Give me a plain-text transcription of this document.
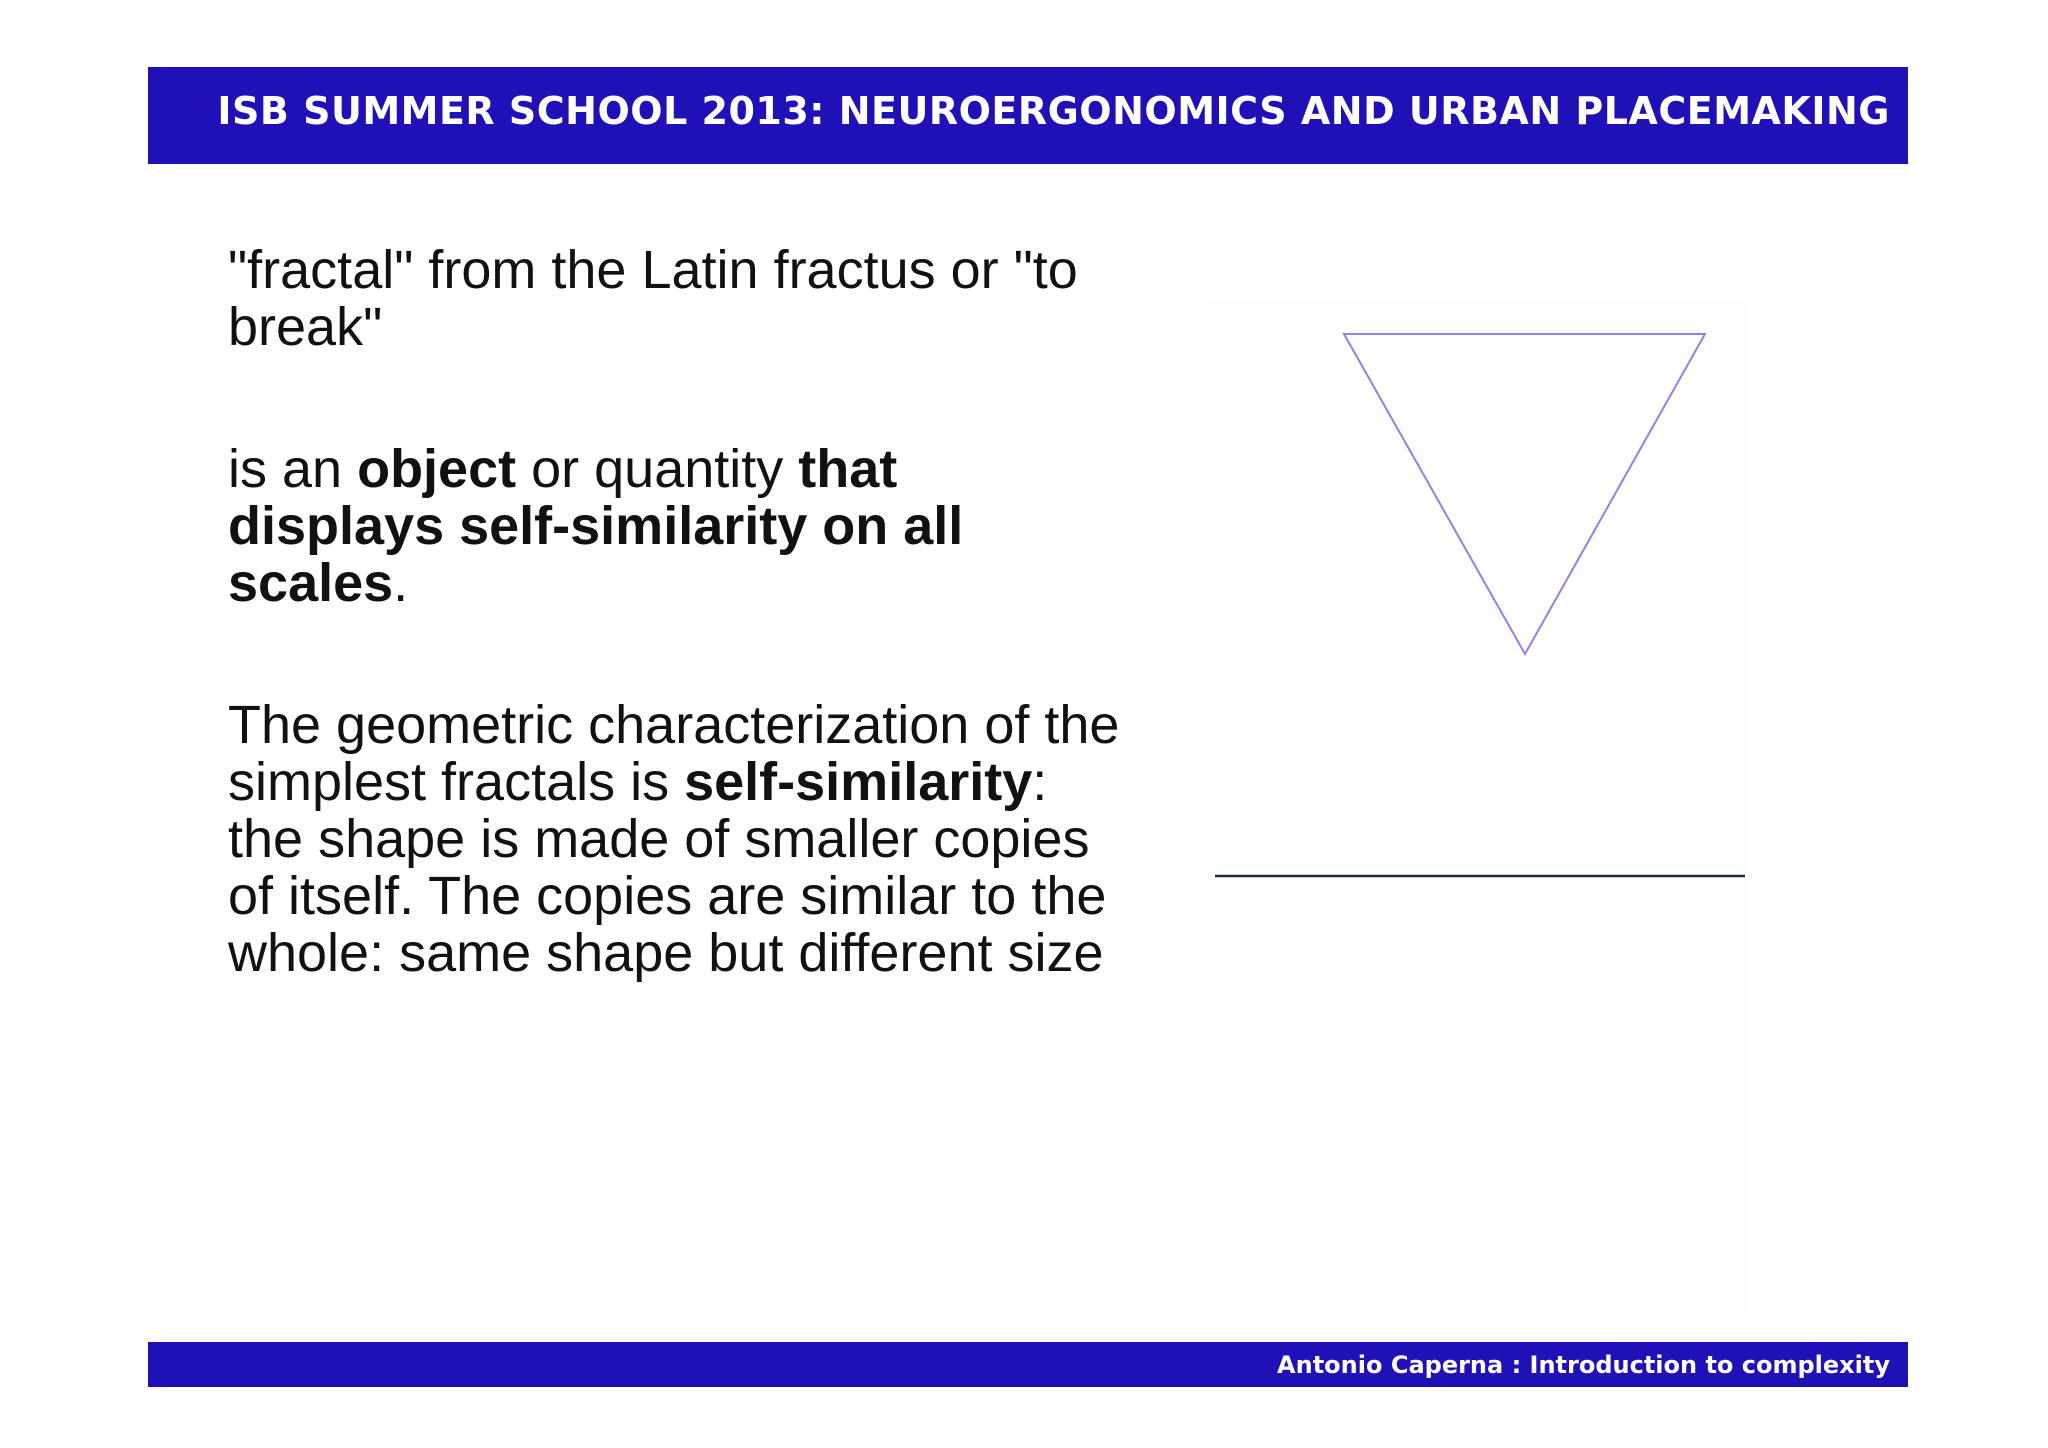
ISB SUMMER SCHOOL 2013: NEUROERGONOMICS AND URBAN PLACEMAKING

"fractal" from the Latin fractus or "to break"

is an object or quantity that displays self-similarity on all scales.

The geometric characterization of the simplest fractals is self-similarity: the shape is made of smaller copies of itself. The copies are similar to the whole: same shape but different size

Antonio Caperna : Introduction to complexity
